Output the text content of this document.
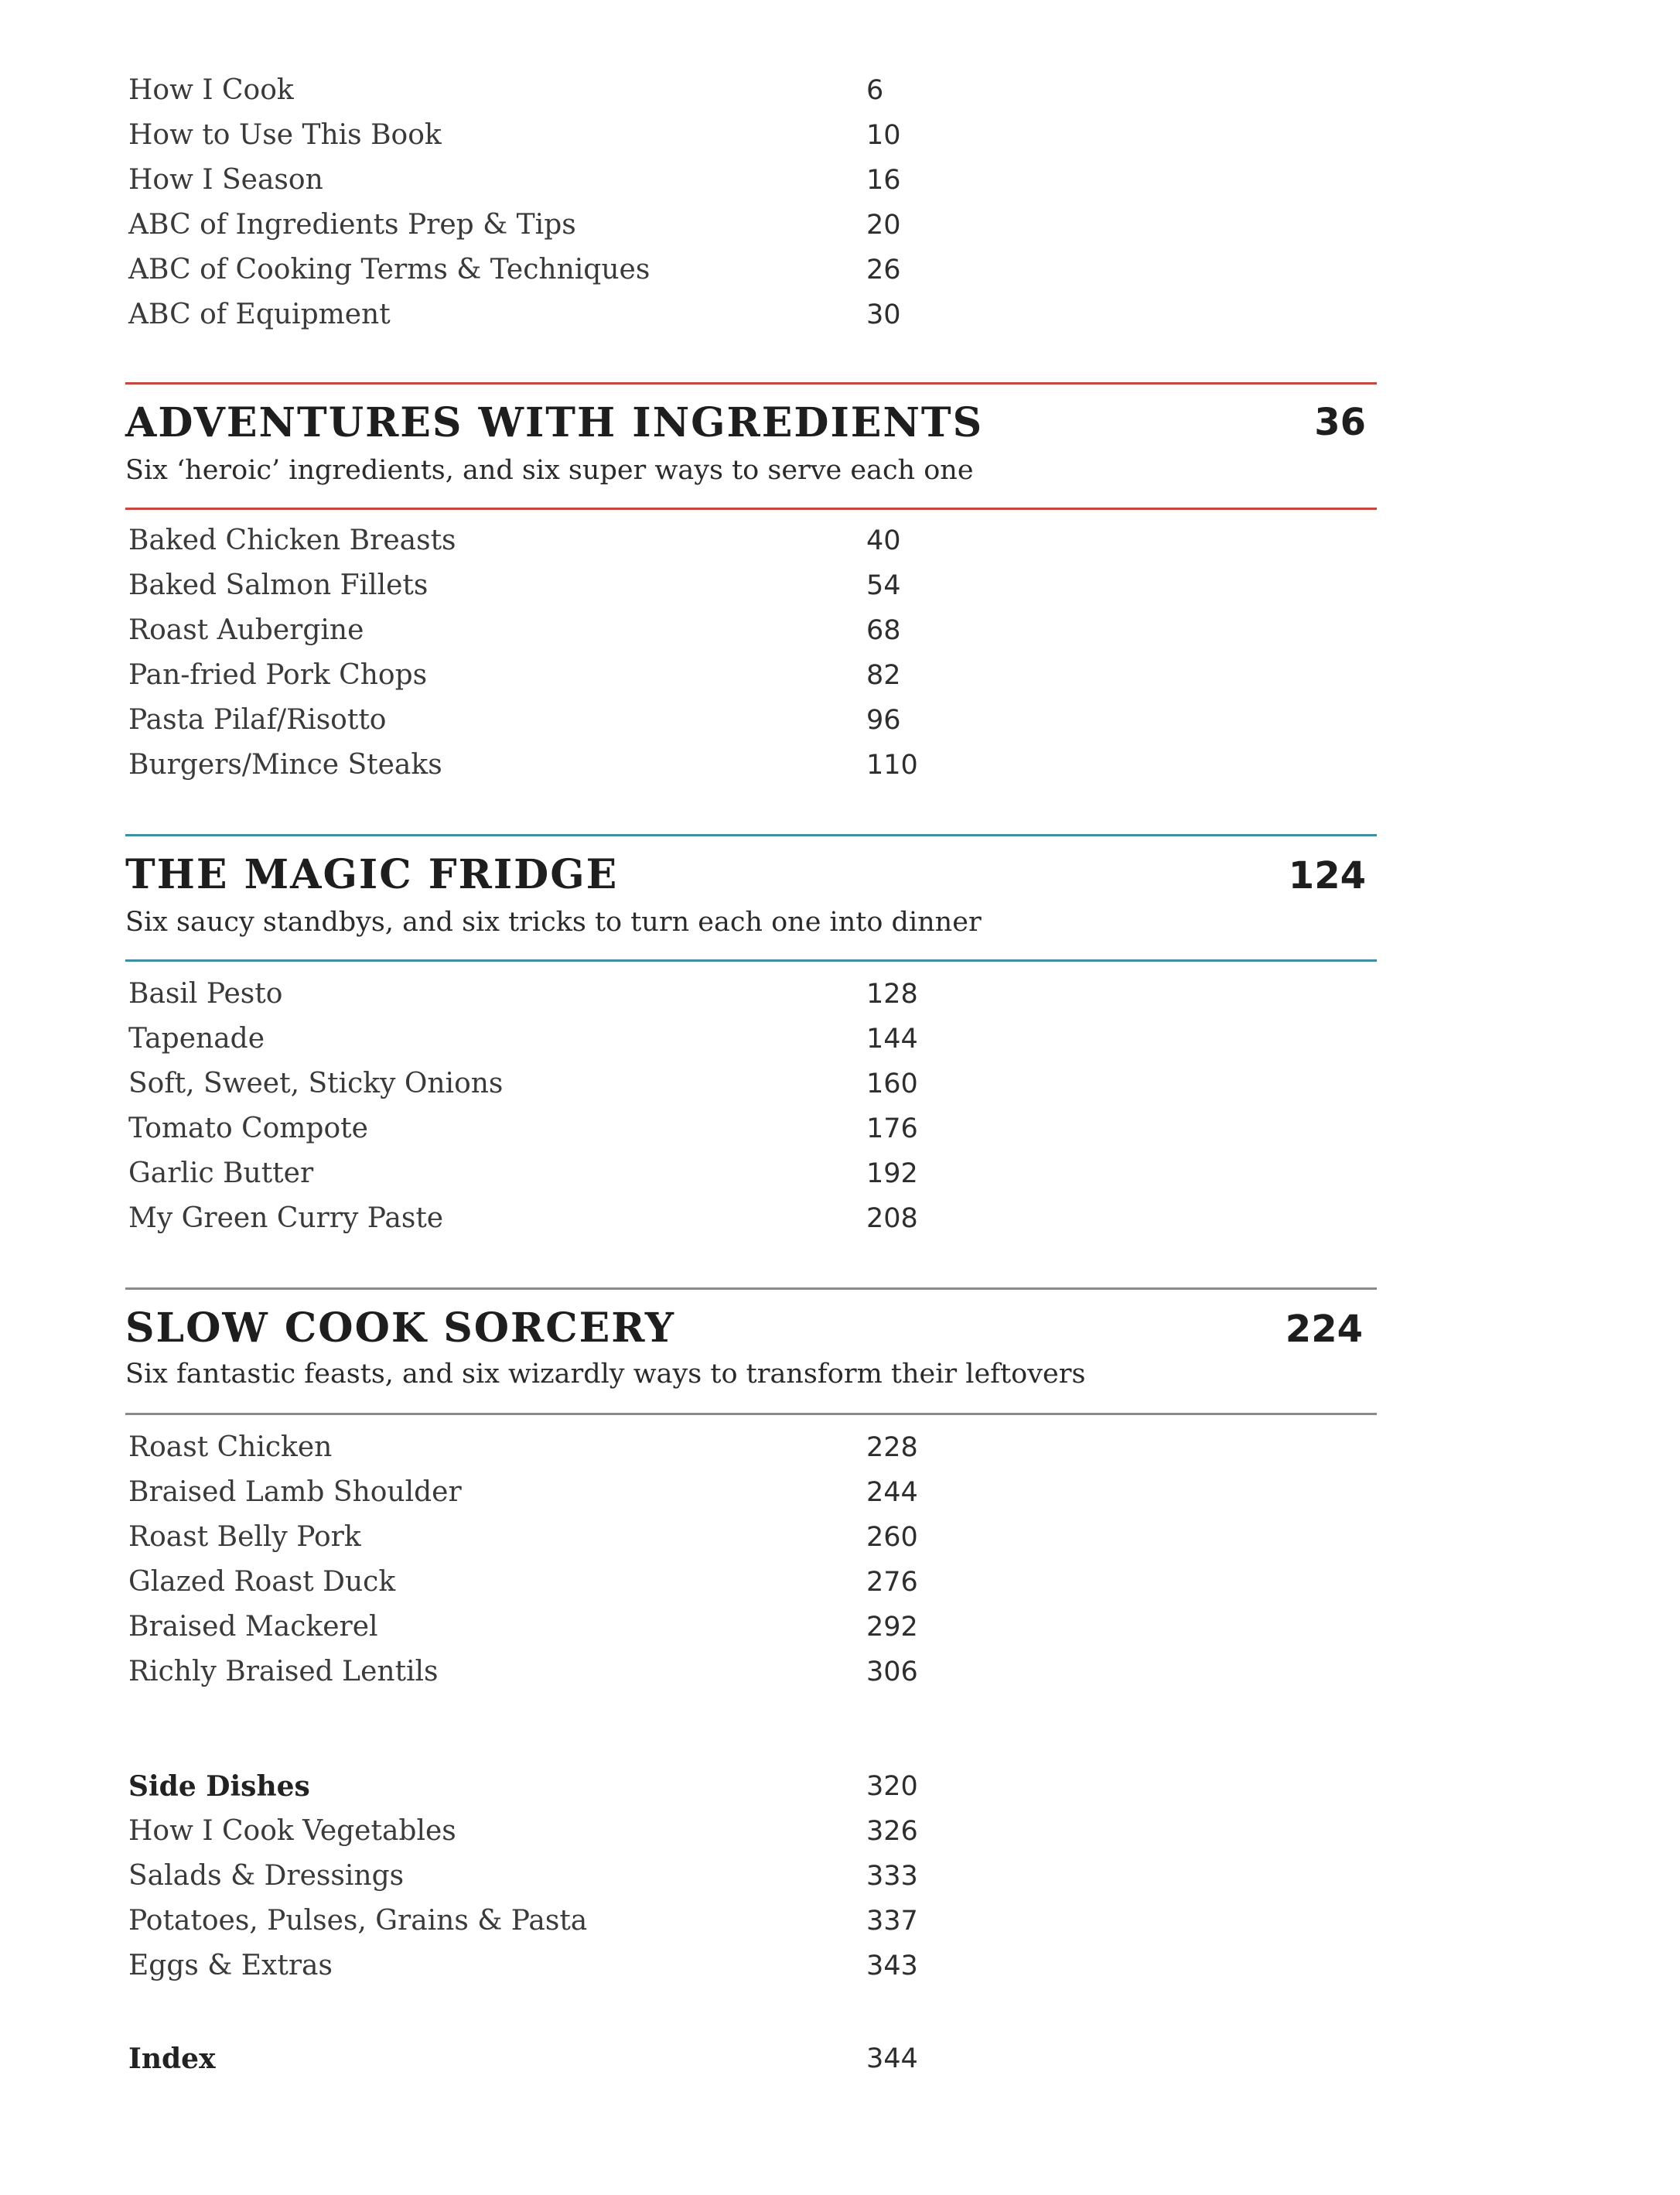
How I Cook	6
How to Use This Book	10
How I Season	16
ABC of Ingredients Prep & Tips	20
ABC of Cooking Terms & Techniques	26
ABC of Equipment	30
ADVENTURES WITH INGREDIENTS	36
Six ‘heroic’ ingredients, and six super ways to serve each one
Baked Chicken Breasts	40
Baked Salmon Fillets	54
Roast Aubergine	68
Pan-fried Pork Chops	82
Pasta Pilaf/Risotto	96
Burgers/Mince Steaks	110
THE MAGIC FRIDGE	124
Six saucy standbys, and six tricks to turn each one into dinner
Basil Pesto	128
Tapenade	144
Soft, Sweet, Sticky Onions	160
Tomato Compote	176
Garlic Butter	192
My Green Curry Paste	208
SLOW COOK SORCERY	224
Six fantastic feasts, and six wizardly ways to transform their leftovers
Roast Chicken	228
Braised Lamb Shoulder	244
Roast Belly Pork	260
Glazed Roast Duck	276
Braised Mackerel	292
Richly Braised Lentils	306
Side Dishes	320
How I Cook Vegetables	326
Salads & Dressings	333
Potatoes, Pulses, Grains & Pasta	337
Eggs & Extras	343
Index	344
